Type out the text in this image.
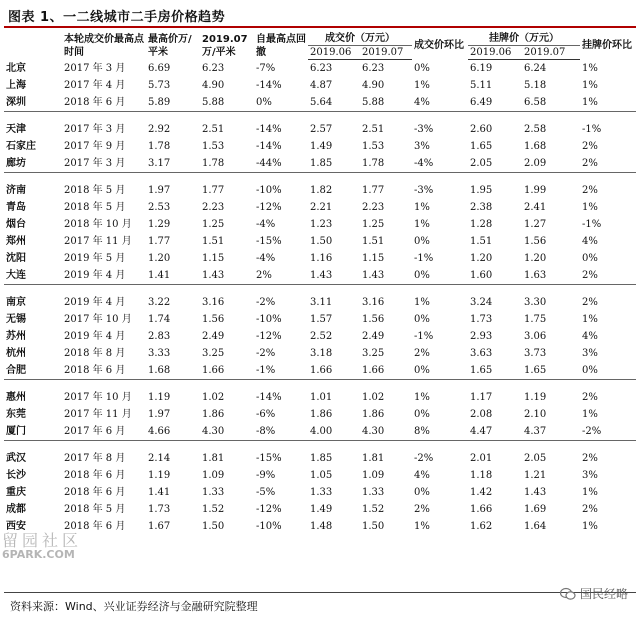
图表 1、一二线城市二手房价格趋势
	本轮成交价最高点时间	最高价万/平米	2019.07万/平米	自最高点回撤	成交价（万元）		成交价环比	挂牌价（万元）		挂牌价环比
					2019.06	2019.07		2019.06	2019.07	
北京	2017 年 3 月	6.69	6.23	-7%	6.23	6.23	0%	6.19	6.24	1%
上海	2017 年 4 月	5.73	4.90	-14%	4.87	4.90	1%	5.11	5.18	1%
深圳	2018 年 6 月	5.89	5.88	0%	5.64	5.88	4%	6.49	6.58	1%

天津	2017 年 3 月	2.92	2.51	-14%	2.57	2.51	-3%	2.60	2.58	-1%
石家庄	2017 年 9 月	1.78	1.53	-14%	1.49	1.53	3%	1.65	1.68	2%
廊坊	2017 年 3 月	3.17	1.78	-44%	1.85	1.78	-4%	2.05	2.09	2%

济南	2018 年 5 月	1.97	1.77	-10%	1.82	1.77	-3%	1.95	1.99	2%
青岛	2018 年 5 月	2.53	2.23	-12%	2.21	2.23	1%	2.38	2.41	1%
烟台	2018 年 10 月	1.29	1.25	-4%	1.23	1.25	1%	1.28	1.27	-1%
郑州	2017 年 11 月	1.77	1.51	-15%	1.50	1.51	0%	1.51	1.56	4%
沈阳	2019 年 5 月	1.20	1.15	-4%	1.16	1.15	-1%	1.20	1.20	0%
大连	2019 年 4 月	1.41	1.43	2%	1.43	1.43	0%	1.60	1.63	2%

南京	2019 年 4 月	3.22	3.16	-2%	3.11	3.16	1%	3.24	3.30	2%
无锡	2017 年 10 月	1.74	1.56	-10%	1.57	1.56	0%	1.73	1.75	1%
苏州	2019 年 4 月	2.83	2.49	-12%	2.52	2.49	-1%	2.93	3.06	4%
杭州	2018 年 8 月	3.33	3.25	-2%	3.18	3.25	2%	3.63	3.73	3%
合肥	2018 年 6 月	1.68	1.66	-1%	1.66	1.66	0%	1.65	1.65	0%

惠州	2017 年 10 月	1.19	1.02	-14%	1.01	1.02	1%	1.17	1.19	2%
东莞	2017 年 11 月	1.97	1.86	-6%	1.86	1.86	0%	2.08	2.10	1%
厦门	2017 年 6 月	4.66	4.30	-8%	4.00	4.30	8%	4.47	4.37	-2%

武汉	2017 年 8 月	2.14	1.81	-15%	1.85	1.81	-2%	2.01	2.05	2%
长沙	2018 年 6 月	1.19	1.09	-9%	1.05	1.09	4%	1.18	1.21	3%
重庆	2018 年 6 月	1.41	1.33	-5%	1.33	1.33	0%	1.42	1.43	1%
成都	2018 年 5 月	1.73	1.52	-12%	1.49	1.52	2%	1.66	1.69	2%
西安	2018 年 6 月	1.67	1.50	-10%	1.48	1.50	1%	1.62	1.64	1%
资料来源：Wind、兴业证券经济与金融研究院整理
留园社区
6PARK.COM
国民经略
